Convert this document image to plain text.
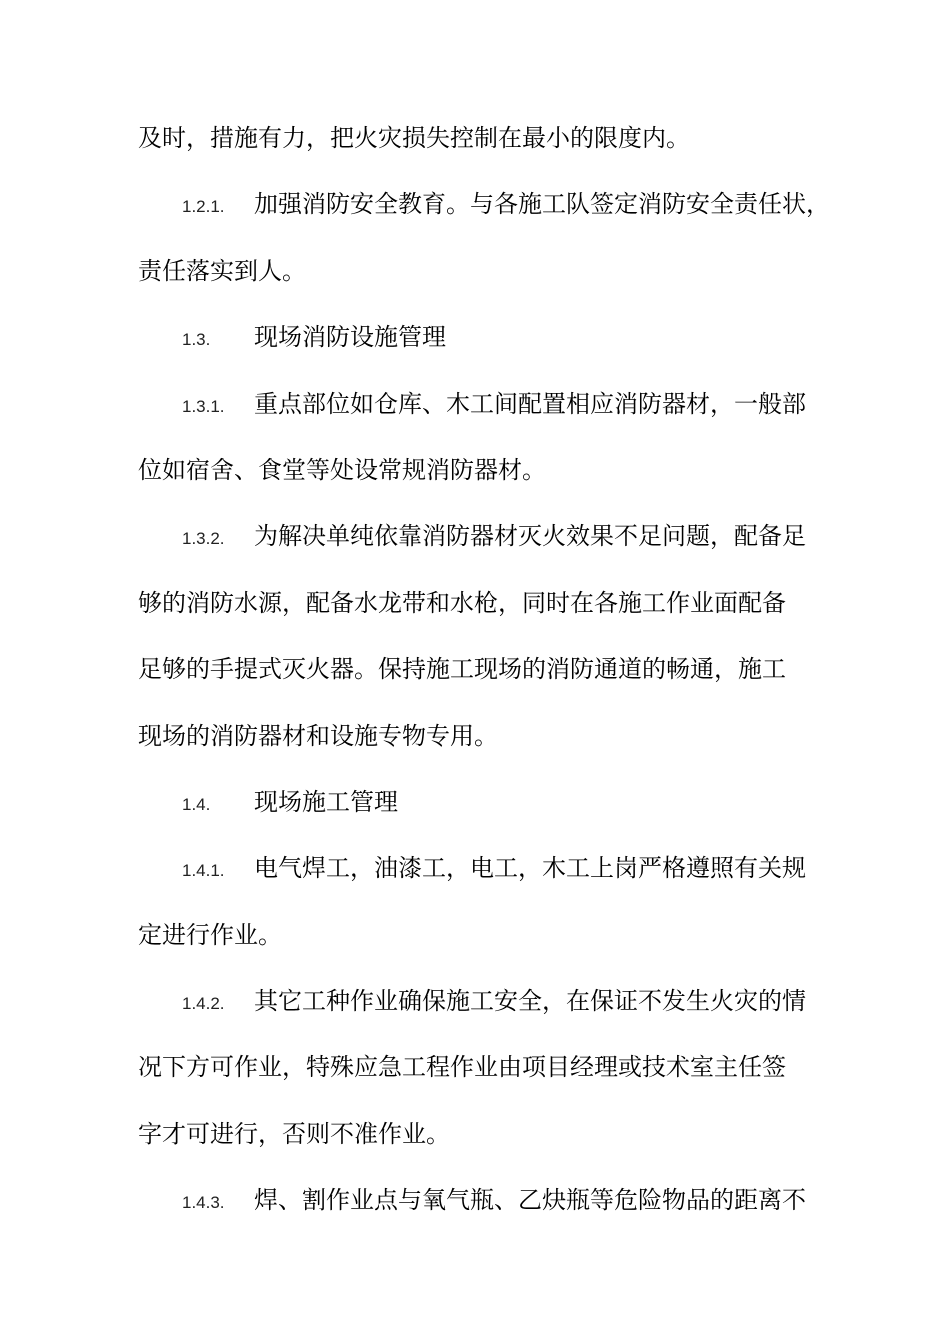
及时，措施有力，把火灾损失控制在最小的限度内。
1.2.1. 加强消防安全教育。与各施工队签定消防安全责任状，
责任落实到人。
1.3. 现场消防设施管理
1.3.1. 重点部位如仓库、木工间配置相应消防器材，一般部
位如宿舍、食堂等处设常规消防器材。
1.3.2. 为解决单纯依靠消防器材灭火效果不足问题，配备足
够的消防水源，配备水龙带和水枪，同时在各施工作业面配备
足够的手提式灭火器。保持施工现场的消防通道的畅通，施工
现场的消防器材和设施专物专用。
1.4. 现场施工管理
1.4.1. 电气焊工，油漆工，电工，木工上岗严格遵照有关规
定进行作业。
1.4.2. 其它工种作业确保施工安全，在保证不发生火灾的情
况下方可作业，特殊应急工程作业由项目经理或技术室主任签
字才可进行，否则不准作业。
1.4.3. 焊、割作业点与氧气瓶、乙炔瓶等危险物品的距离不
